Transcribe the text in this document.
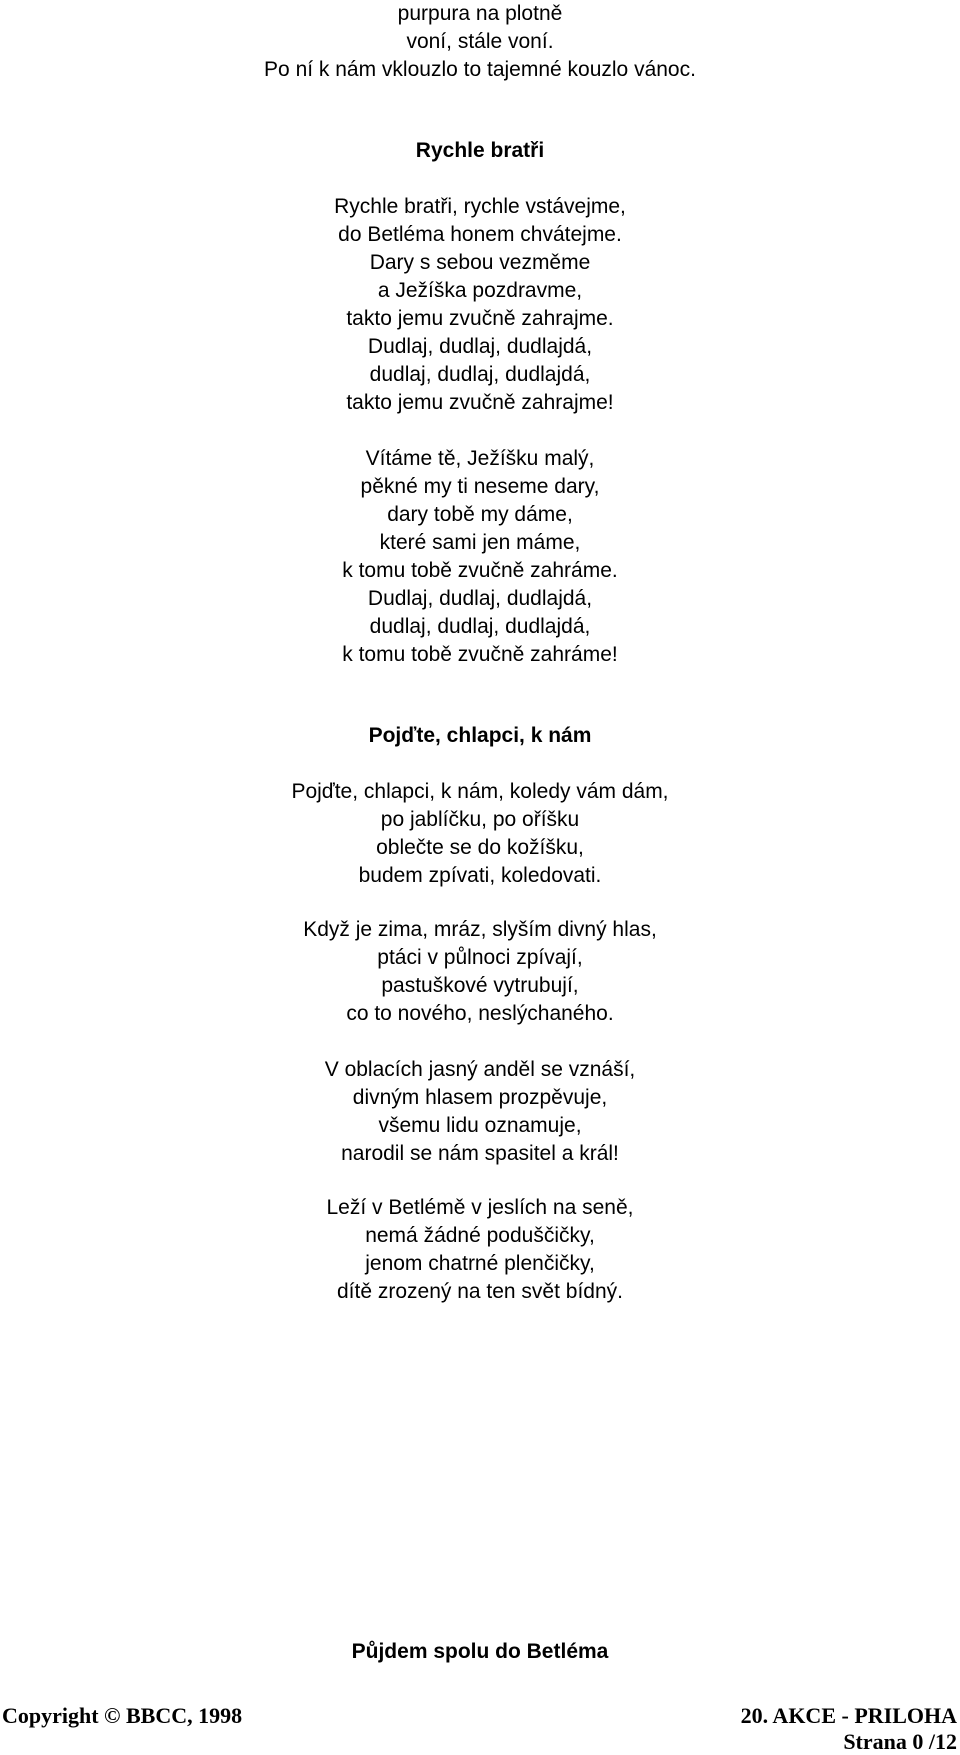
purpura na plotně
voní, stále voní.
Po ní k nám vklouzlo to tajemné kouzlo vánoc.
Rychle bratři
Rychle bratři, rychle vstávejme,
do Betléma honem chvátejme.
Dary s sebou vezměme
a Ježíška pozdravme,
takto jemu zvučně zahrajme.
Dudlaj, dudlaj, dudlajdá,
dudlaj, dudlaj, dudlajdá,
takto jemu zvučně zahrajme!
Vítáme tě, Ježíšku malý,
pěkné my ti neseme dary,
dary tobě my dáme,
které sami jen máme,
k tomu tobě zvučně zahráme.
Dudlaj, dudlaj, dudlajdá,
dudlaj, dudlaj, dudlajdá,
k tomu tobě zvučně zahráme!
Pojďte, chlapci, k nám
Pojďte, chlapci, k nám, koledy vám dám,
po jablíčku, po oříšku
oblečte se do kožíšku,
budem zpívati, koledovati.
Když je zima, mráz, slyším divný hlas,
ptáci v půlnoci zpívají,
pastuškové vytrubují,
co to nového, neslýchaného.
V oblacích jasný anděl se vznáší,
divným hlasem prozpěvuje,
všemu lidu oznamuje,
narodil se nám spasitel a král!
Leží v Betlémě v jeslích na seně,
nemá žádné poduščičky,
jenom chatrné plenčičky,
dítě zrozený na ten svět bídný.
Půjdem spolu do Betléma
Copyright © BBCC, 1998	20. AKCE - PRILOHA
Strana 0 /12
